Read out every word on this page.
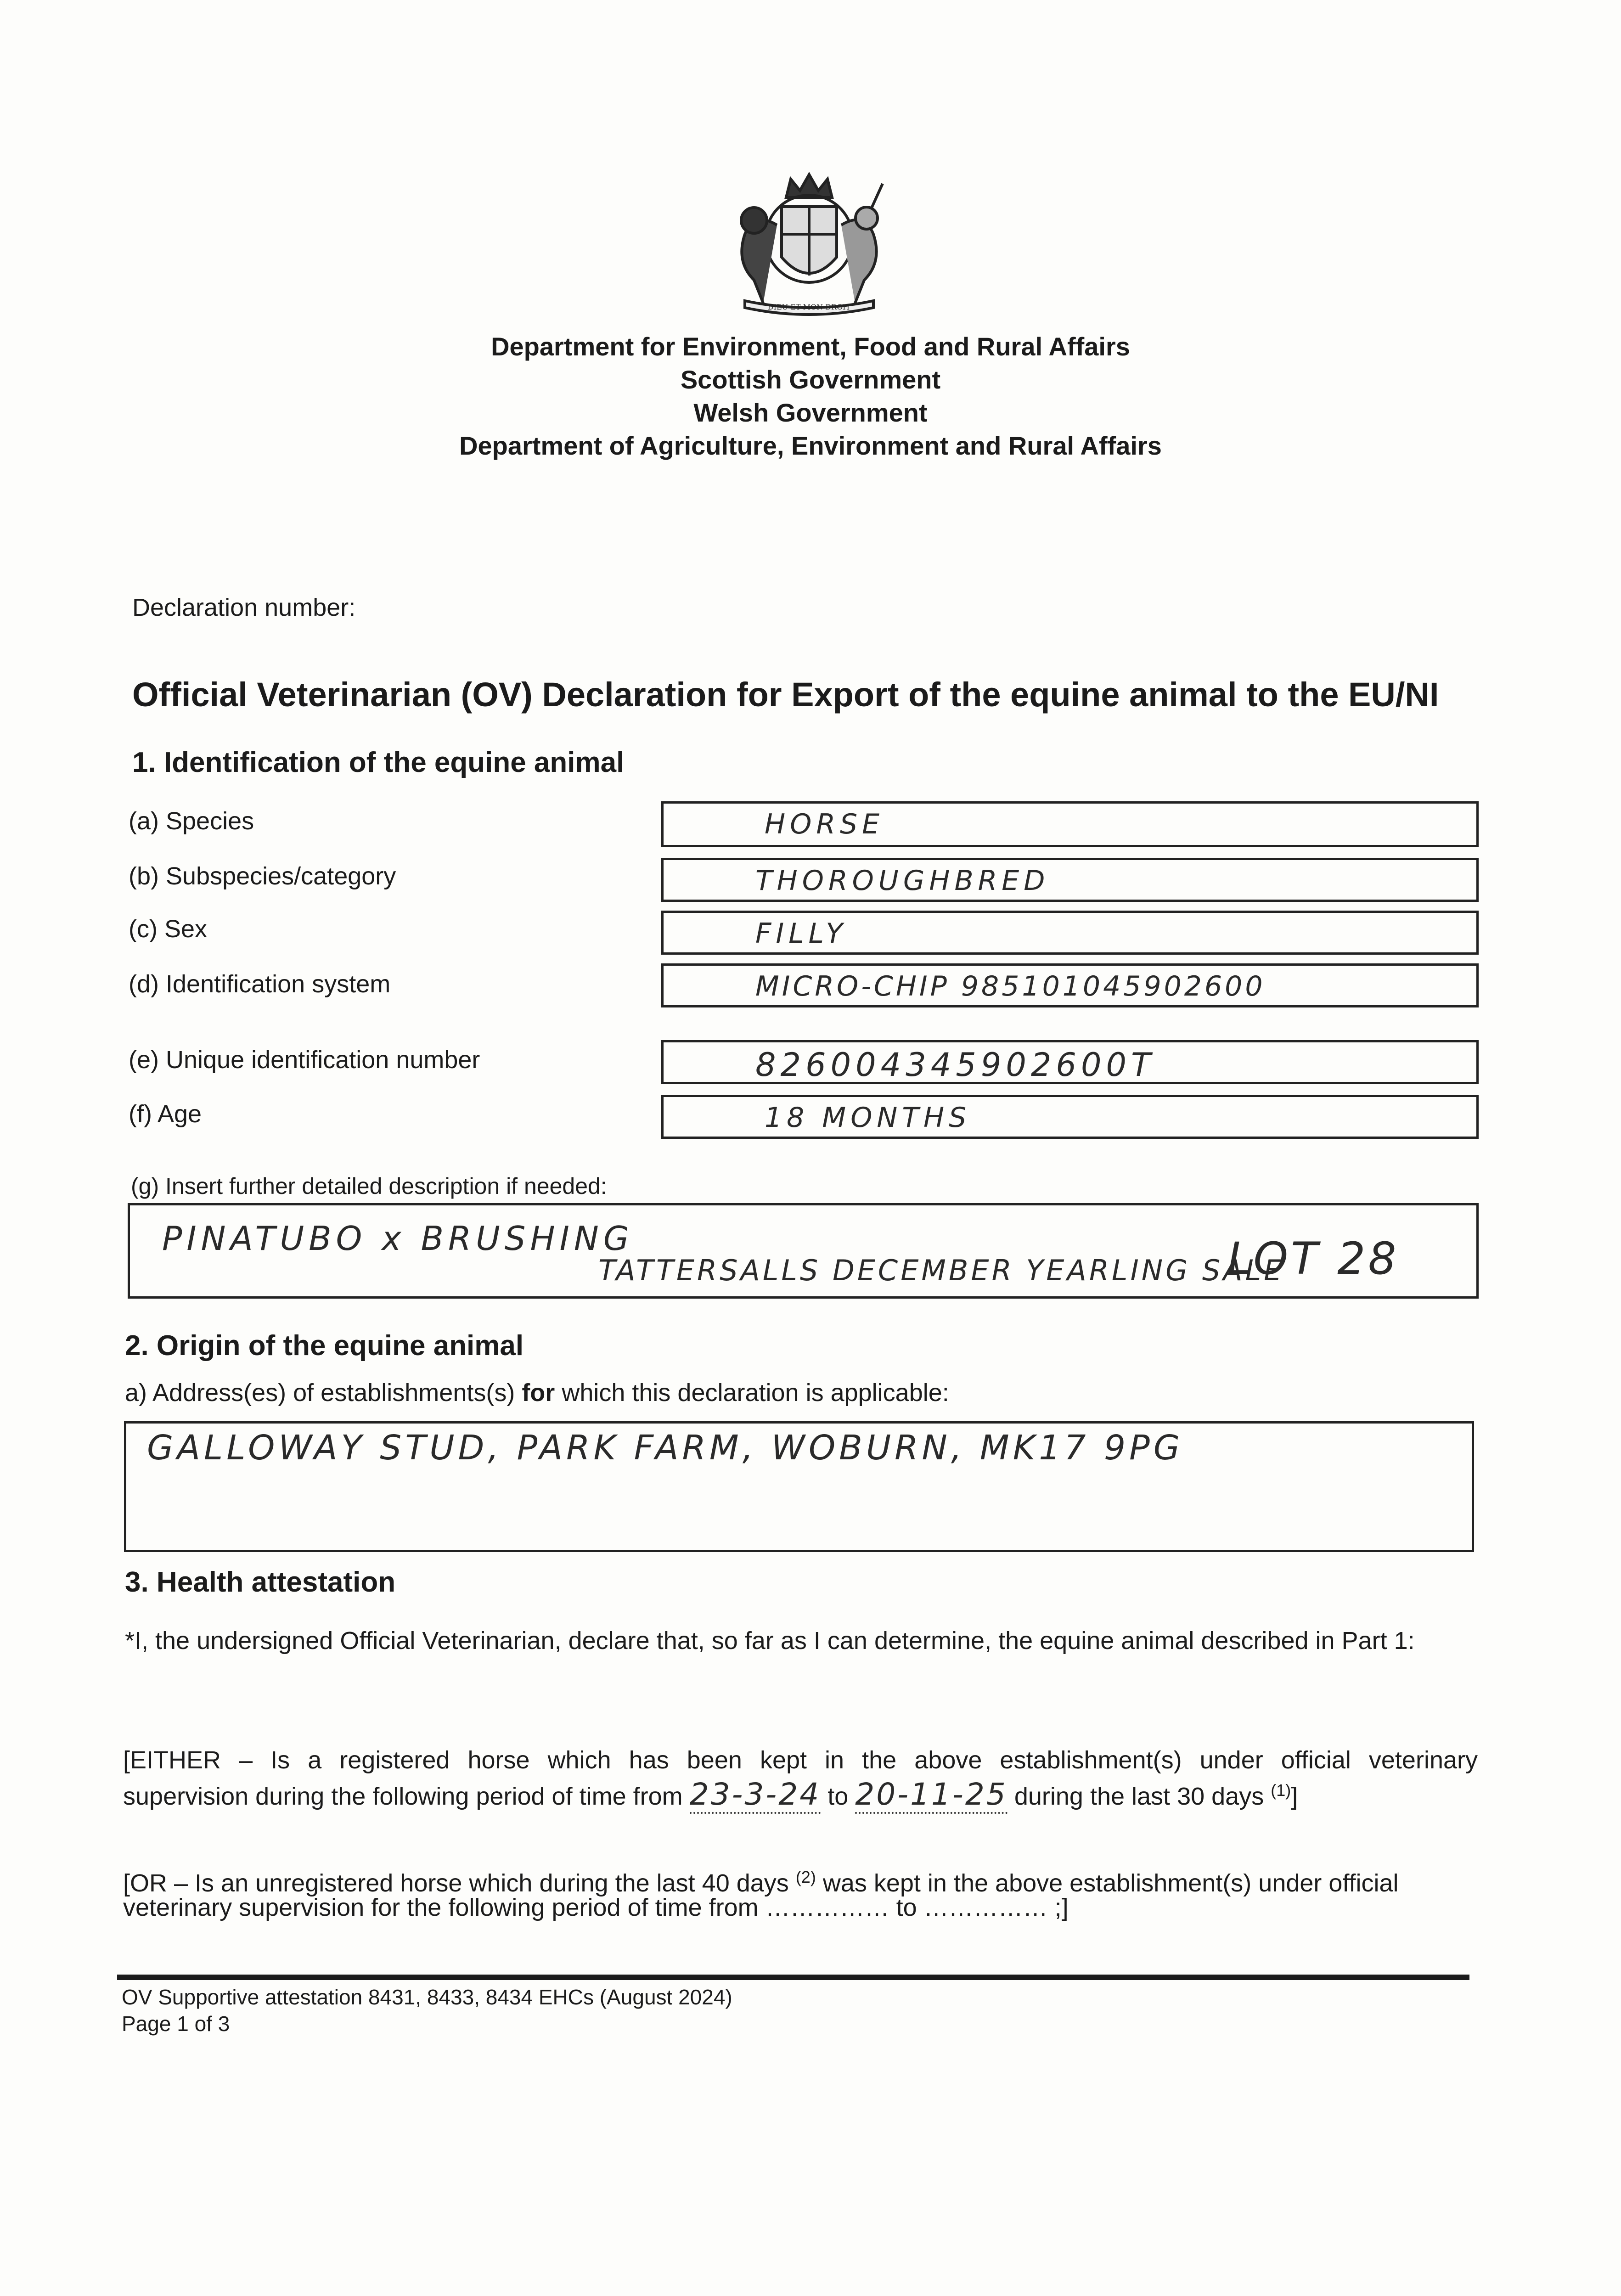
DIEU ET MON DROIT
Department for Environment, Food and Rural Affairs
Scottish Government
Welsh Government
Department of Agriculture, Environment and Rural Affairs
Declaration number:
Official Veterinarian (OV) Declaration for Export of the equine animal to the EU/NI
1. Identification of the equine animal
(a) Species	HORSE
(b) Subspecies/category	THOROUGHBRED
(c) Sex	FILLY
(d) Identification system	MICRO-CHIP 985101045902600
(e) Unique identification number	826004345902600T
(f) Age	18 MONTHS
(g) Insert further detailed description if needed:
PINATUBO x BRUSHING
TATTERSALLS DECEMBER YEARLING SALE
LOT 28
2. Origin of the equine animal
a) Address(es) of establishments(s) for which this declaration is applicable:
GALLOWAY STUD, PARK FARM, WOBURN, MK17 9PG
3. Health attestation
*I, the undersigned Official Veterinarian, declare that, so far as I can determine, the equine animal described in Part 1:
[EITHER – Is a registered horse which has been kept in the above establishment(s) under official veterinary
supervision during the following period of time from 23-3-24 to 20-11-25 during the last 30 days $^{(1)}$]
[OR – Is an unregistered horse which during the last 40 days $^{(2)}$ was kept in the above establishment(s) under official
veterinary supervision for the following period of time from …………… to …………… ;]
OV Supportive attestation 8431, 8433, 8434 EHCs (August 2024)
Page 1 of 3
